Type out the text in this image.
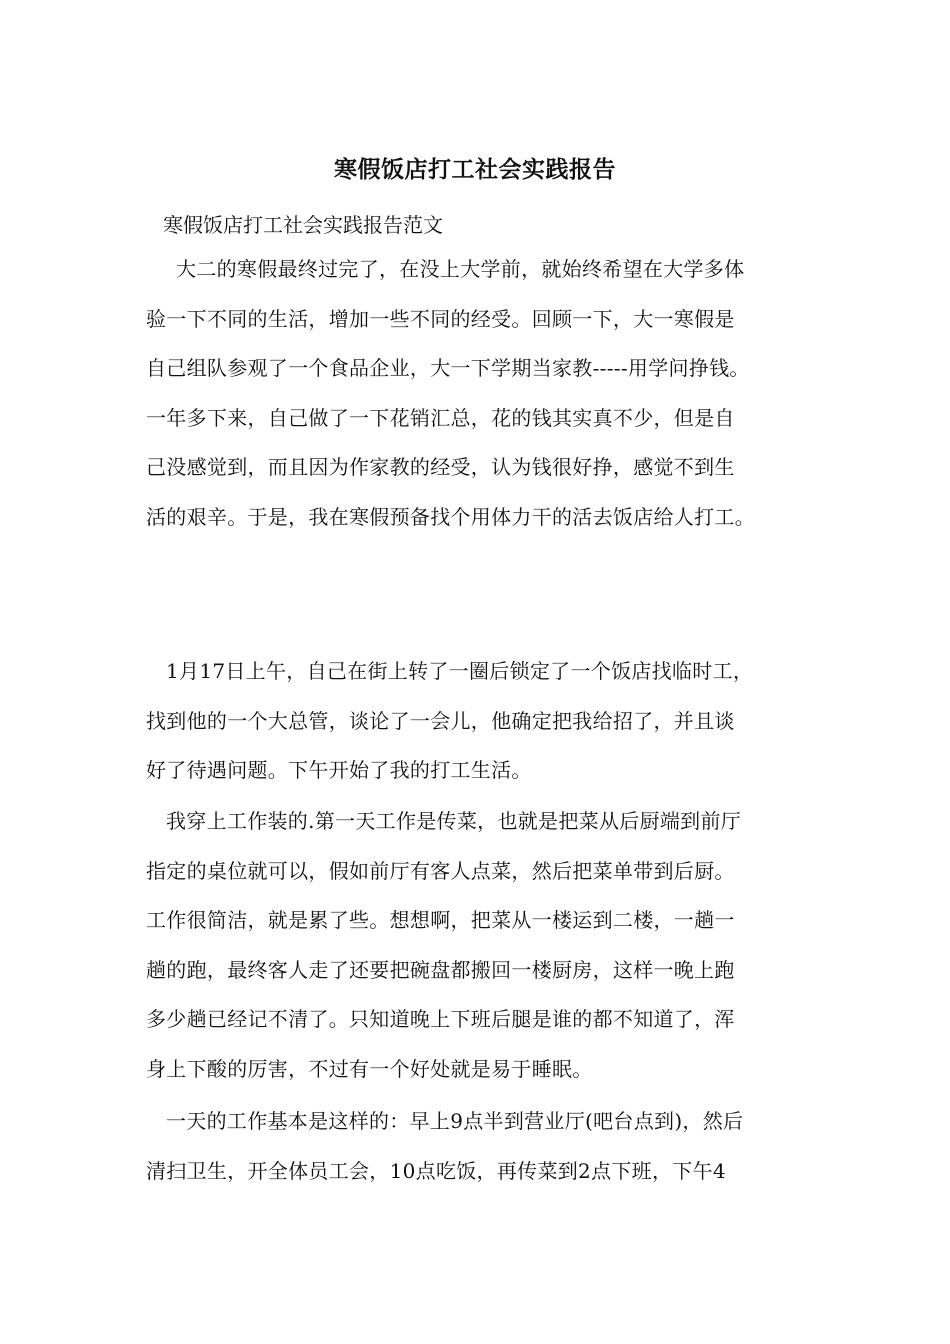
寒假饭店打工社会实践报告
寒假饭店打工社会实践报告范文
大二的寒假最终过完了，在没上大学前，就始终希望在大学多体
验一下不同的生活，增加一些不同的经受。回顾一下，大一寒假是
自己组队参观了一个食品企业，大一下学期当家教-----用学问挣钱。
一年多下来，自己做了一下花销汇总，花的钱其实真不少，但是自
己没感觉到，而且因为作家教的经受，认为钱很好挣，感觉不到生
活的艰辛。于是，我在寒假预备找个用体力干的活去饭店给人打工。
1月17日上午，自己在街上转了一圈后锁定了一个饭店找临时工，
找到他的一个大总管，谈论了一会儿，他确定把我给招了，并且谈
好了待遇问题。下午开始了我的打工生活。
我穿上工作装的.第一天工作是传菜，也就是把菜从后厨端到前厅
指定的桌位就可以，假如前厅有客人点菜，然后把菜单带到后厨。
工作很简洁，就是累了些。想想啊，把菜从一楼运到二楼，一趟一
趟的跑，最终客人走了还要把碗盘都搬回一楼厨房，这样一晚上跑
多少趟已经记不清了。只知道晚上下班后腿是谁的都不知道了，浑
身上下酸的厉害，不过有一个好处就是易于睡眠。
一天的工作基本是这样的：早上9点半到营业厅(吧台点到)，然后
清扫卫生，开全体员工会，10点吃饭，再传菜到2点下班，下午4
